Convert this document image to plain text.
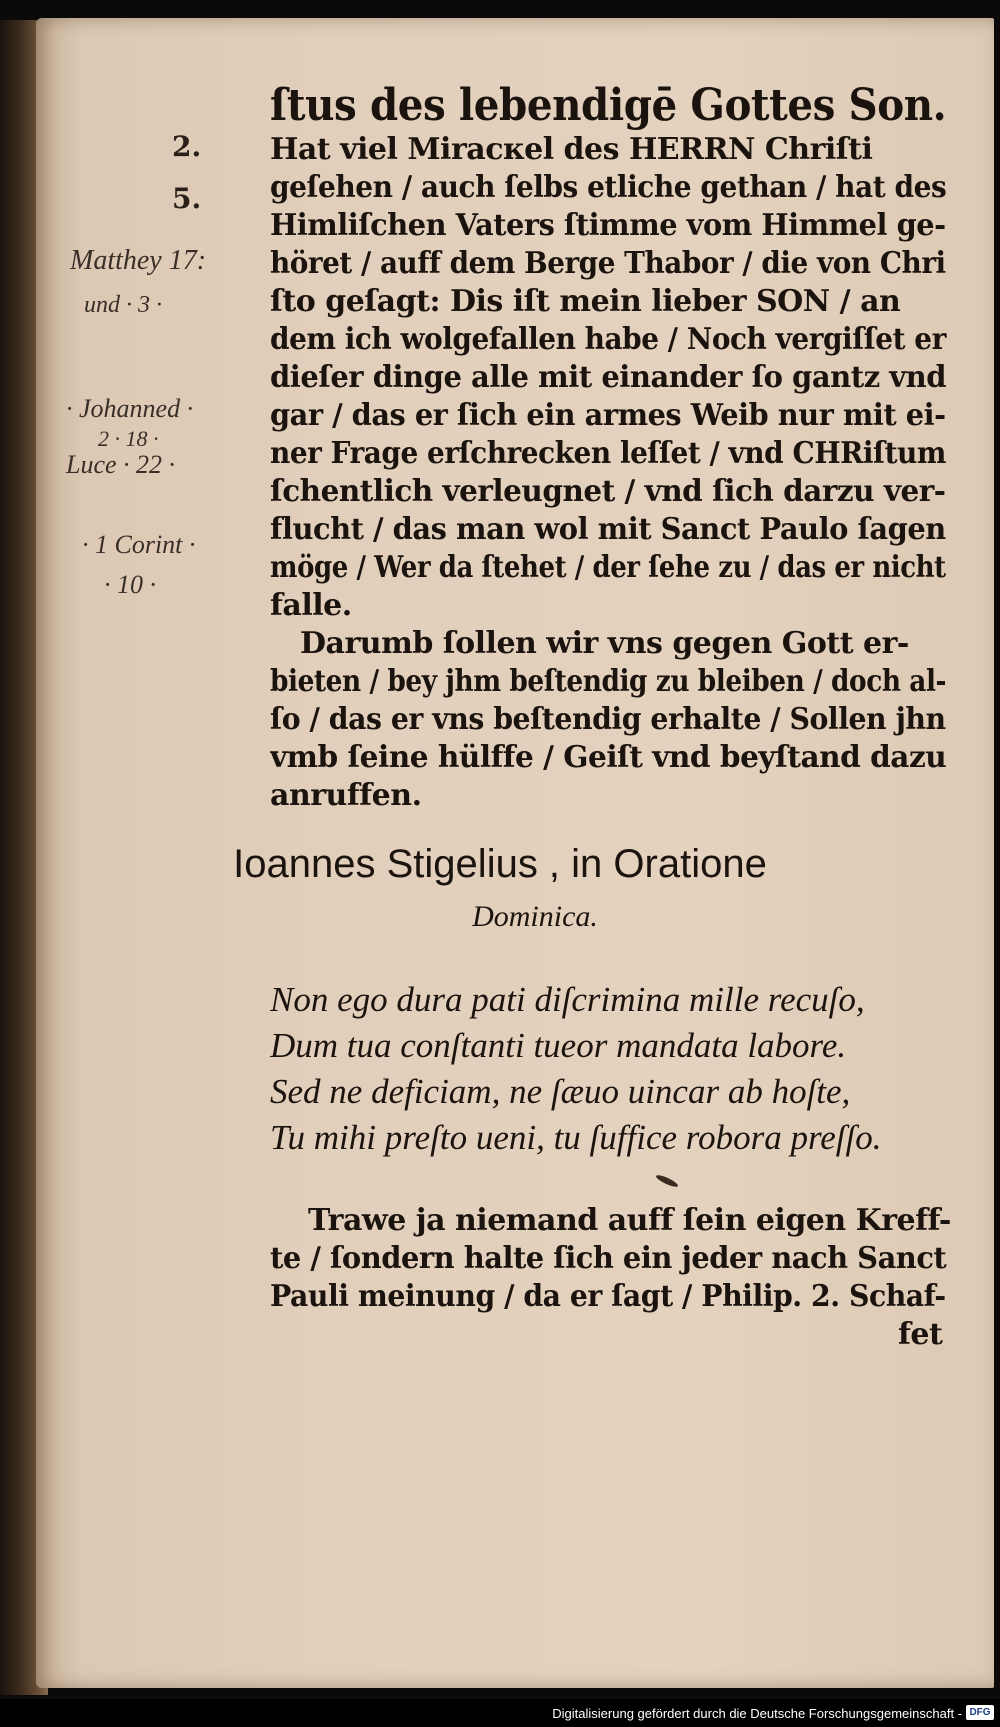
ſtus des lebendigē Gottes Son.
Hat viel Miracкel des HERRN Chriſti
geſehen / auch ſelbs etliche gethan / hat des
Himliſchen Vaters ſtimme vom Himmel ge-
höret / auff dem Berge Thabor / die von Chri
ſto geſagt: Dis iſt mein lieber SON / an
dem ich wolgefallen habe / Noch vergiſſet er
dieſer dinge alle mit einander ſo gantz vnd
gar / das er ſich ein armes Weib nur mit ei-
ner Frage erſchrecken leſſet / vnd CHRiſtum
ſchentlich verleugnet / vnd ſich darzu ver-
flucht / das man wol mit Sanct Paulo ſagen
möge / Wer da ſtehet / der ſehe zu / das er nicht
falle.
Darumb ſollen wir vns gegen Gott er-
bieten / bey jhm beſtendig zu bleiben / doch al-
ſo / das er vns beſtendig erhalte / Sollen jhn
vmb ſeine hülffe / Geiſt vnd beyſtand dazu
anruffen.
Ioannes Stigelius , in Oratione
Dominica.
Non ego dura pati diſcrimina mille recuſo,
Dum tua conſtanti tueor mandata labore.
Sed ne deficiam, ne ſæuo uincar ab hoſte,
Tu mihi preſto ueni, tu ſuffice robora preſſo.
Trawe ja niemand auff ſein eigen Kreff-
te / ſondern halte ſich ein jeder nach Sanct
Pauli meinung / da er ſagt / Philip. 2. Schaf-
fet
2.
5.
Matthey 17:
und · 3 ·
· Johanned ·
2 · 18 ·
Luce · 22 ·
· 1 Corint ·
· 10 ·
Digitalisierung gefördert durch die Deutsche Forschungsgemeinschaft - DFG
